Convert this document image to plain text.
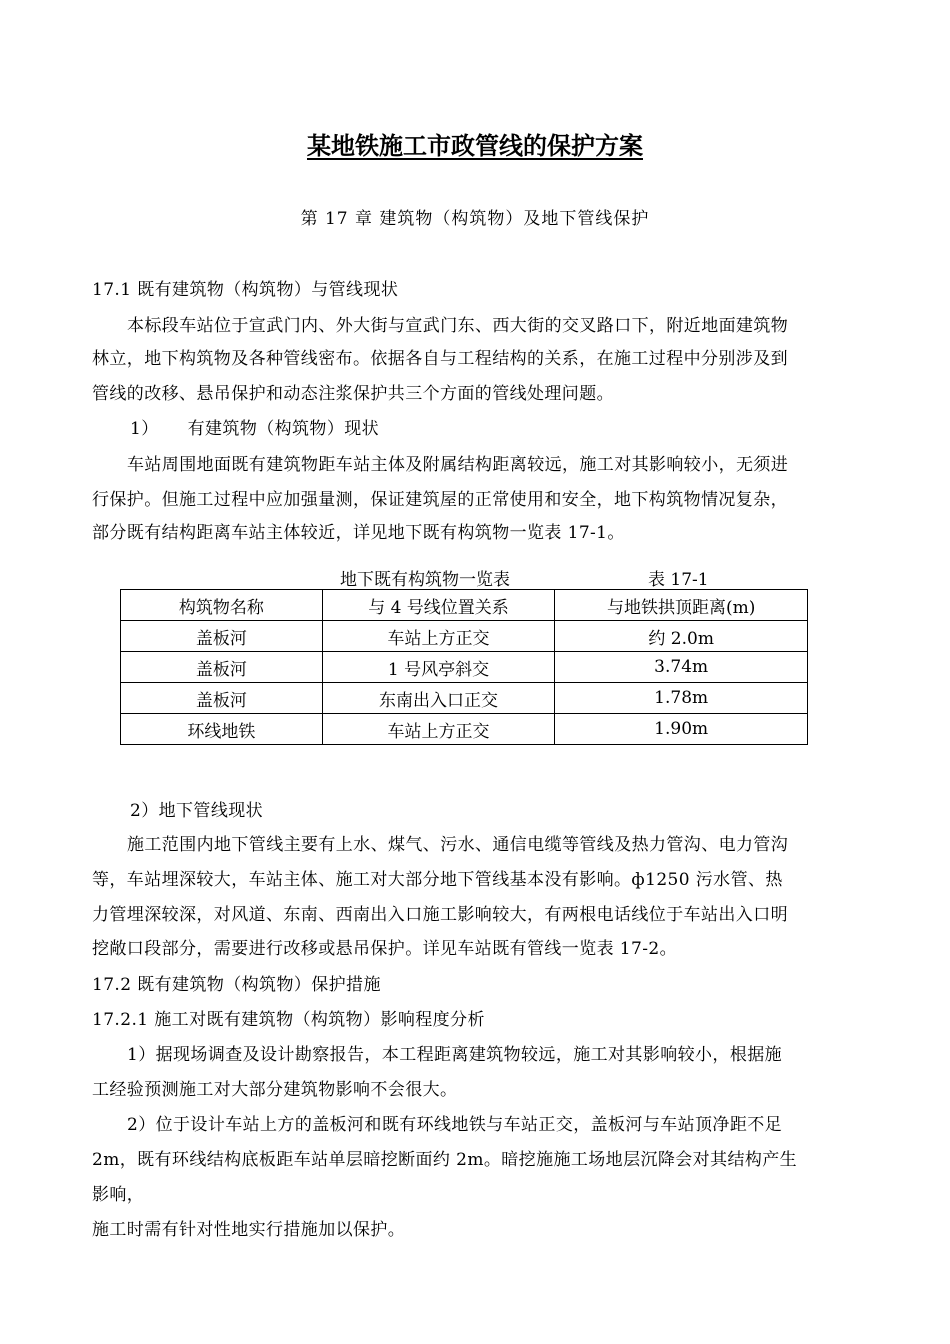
某地铁施工市政管线的保护方案
第 17 章 建筑物（构筑物）及地下管线保护
17.1 既有建筑物（构筑物）与管线现状
本标段车站位于宣武门内、外大街与宣武门东、西大街的交叉路口下，附近地面建筑物
林立，地下构筑物及各种管线密布。依据各自与工程结构的关系，在施工过程中分别涉及到
管线的改移、悬吊保护和动态注浆保护共三个方面的管线处理问题。
1）     有建筑物（构筑物）现状
车站周围地面既有建筑物距车站主体及附属结构距离较远，施工对其影响较小，无须进
行保护。但施工过程中应加强量测，保证建筑屋的正常使用和安全，地下构筑物情况复杂，
部分既有结构距离车站主体较近，详见地下既有构筑物一览表 17-1。
地下既有构筑物一览表	表 17-1
构筑物名称	与 4 号线位置关系	与地铁拱顶距离(m)
盖板河	车站上方正交	约 2.0m
盖板河	1 号风亭斜交	3.74m
盖板河	东南出入口正交	1.78m
环线地铁	车站上方正交	1.90m
2）地下管线现状
施工范围内地下管线主要有上水、煤气、污水、通信电缆等管线及热力管沟、电力管沟
等，车站埋深较大，车站主体、施工对大部分地下管线基本没有影响。ф1250 污水管、热
力管埋深较深，对风道、东南、西南出入口施工影响较大，有两根电话线位于车站出入口明
挖敞口段部分，需要进行改移或悬吊保护。详见车站既有管线一览表 17-2。
17.2 既有建筑物（构筑物）保护措施
17.2.1 施工对既有建筑物（构筑物）影响程度分析
1）据现场调查及设计勘察报告，本工程距离建筑物较远，施工对其影响较小，根据施
工经验预测施工对大部分建筑物影响不会很大。
2）位于设计车站上方的盖板河和既有环线地铁与车站正交，盖板河与车站顶净距不足
2m，既有环线结构底板距车站单层暗挖断面约 2m。暗挖施施工场地层沉降会对其结构产生
影响，
施工时需有针对性地实行措施加以保护。
